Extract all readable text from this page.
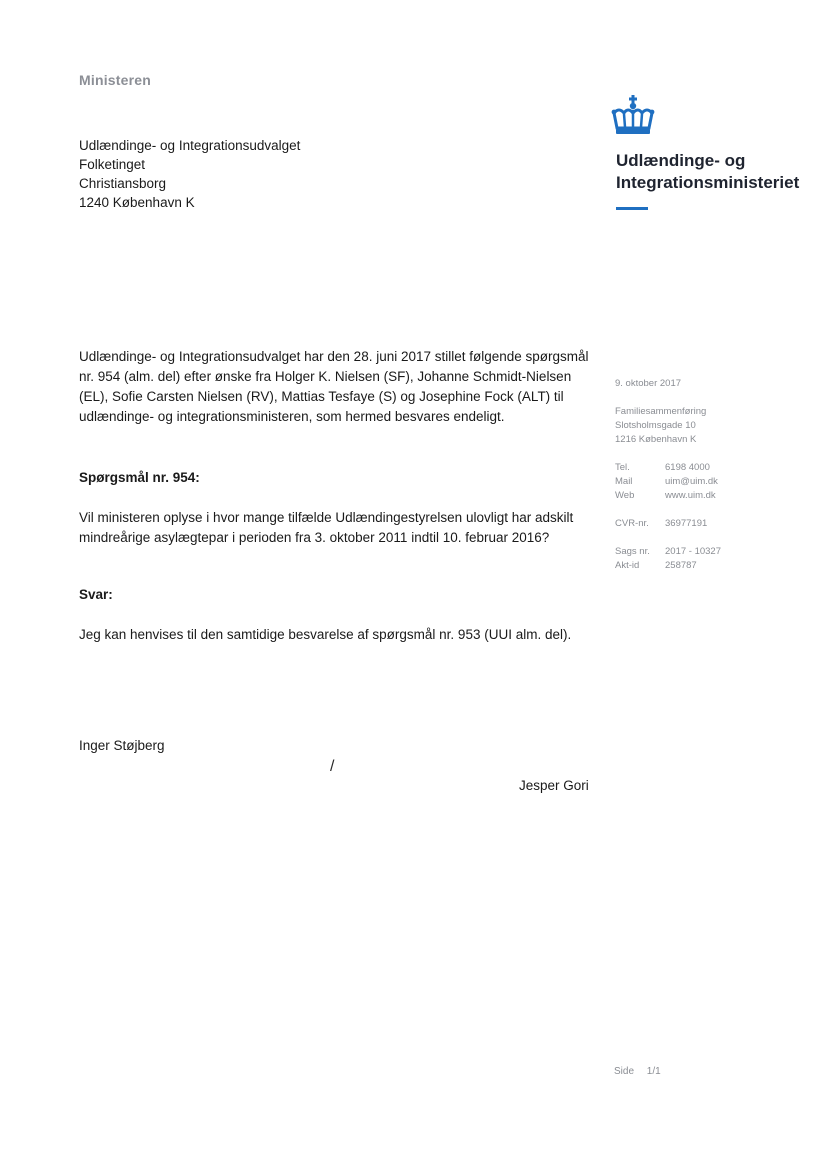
Ministeren
Udlændinge- og Integrationsudvalget
Folketinget
Christiansborg
1240 København K
Udlændinge- og
Integrationsministeriet
Udlændinge- og Integrationsudvalget har den 28. juni 2017 stillet følgende spørgsmål nr. 954 (alm. del) efter ønske fra Holger K. Nielsen (SF), Johanne Schmidt-Nielsen (EL), Sofie Carsten Nielsen (RV), Mattias Tesfaye (S) og Josephine Fock (ALT) til udlændinge- og integrationsministeren, som hermed besvares endeligt.
Spørgsmål nr. 954:
Vil ministeren oplyse i hvor mange tilfælde Udlændingestyrelsen ulovligt har adskilt mindreårige asylægtepar i perioden fra 3. oktober 2011 indtil 10. februar 2016?
Svar:
Jeg kan henvises til den samtidige besvarelse af spørgsmål nr. 953 (UUI alm. del).
Inger Støjberg
/
Jesper Gori
9. oktober 2017
Familiesammenføring
Slotsholmsgade 10
1216 København K
Tel.	6198 4000
Mail	uim@uim.dk
Web	www.uim.dk
CVR-nr.	36977191
Sags nr.	2017 - 10327
Akt-id	258787
Side 1/1
